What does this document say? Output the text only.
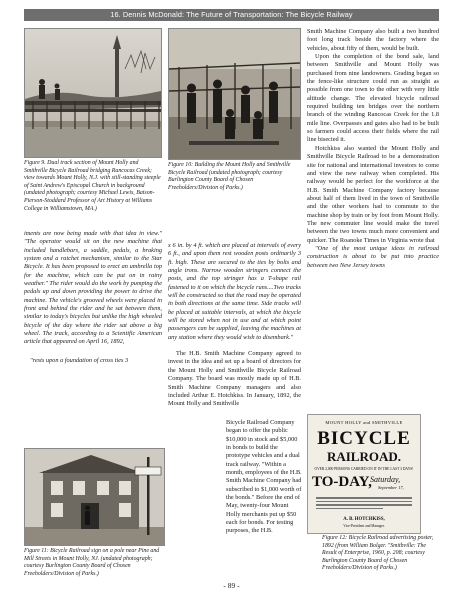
16. Dennis McDonald: The Future of Transportation: The Bicycle Railway
Figure 9. Dual track section of Mount Holly and Smithville Bicycle Railroad bridging Rancocas Creek; view towards Mount Holly, N.J. with still-standing steeple of Saint Andrew's Episcopal Church in background (undated photograph; courtesy Michael Lewis, Baison-Pierson-Stoddard Professor of Art History at Williams College in Williamstown, MA.)
Figure 10: Building the Mount Holly and Smithville Bicycle Railroad (undated photograph; courtesy Burlington County Board of Chosen Freeholders/Division of Parks.)

iments are now being made with that idea in view." "The operator would sit on the new machine that included handlebars, a saddle, pedals, a braking system and a ratchet mechanism, similar to the Star Bicycle. It has been proposed to erect an umbrella top for the machine, which can be put on in rainy weather." The rider would do the work by pumping the pedals up and down providing the power to drive the machine. The vehicle's grooved wheels were placed in front and behind the rider and he sat between them, similar to today's bicycles but unlike the high wheeled bicycle of the day where the rider sat above a big wheel. The track, according to a Scientific American article that appeared on April 16, 1892,

"rests upon a foundation of cross ties 3

Figure 11: Bicycle Railroad sign on a pole near Pine and Mill Streets in Mount Holly, NJ. (undated photograph; courtesy Burlington County Board of Chosen Freeholders/Division of Parks.)

x 6 in. by 4 ft. which are placed at intervals of every 6 ft., and upon them rest wooden posts ordinarily 3 ft. high. These are secured to the ties by bolts and angle irons. Narrow wooden stringers connect the posts, and the top stringer has a T-shape rail fastened to it on which the bicycle runs....Two tracks will be constructed so that the road may be operated in both directions at the same time. Side tracks will be placed at suitable intervals, at which the bicycle will be stored when not in use and at which point passengers can be supplied, leaving the machines at any station where they would wish to disembark."

The H.B. Smith Machine Company agreed to invest in the idea and set up a board of directors for the Mount Holly and Smithville Bicycle Railroad Company. The board was mostly made up of H.B. Smith Machine Company managers and also included Arthur E. Hotchkiss. In January, 1892, the Mount Holly and Smithville

Bicycle Railroad Company began to offer the public $10,000 in stock and $5,000 in bonds to build the prototype vehicles and a dual track railway. "Within a month, employees of the H.B. Smith Machine Company had subscribed to $1,000 worth of the bonds." Before the end of May, twenty-four Mount Holly merchants put up $50 each for bonds. For testing purposes, the H.B.

Smith Machine Company also built a two hundred foot long track beside the factory where the vehicles, about fifty of them, would be built.

Upon the completion of the bond sale, land between Smithville and Mount Holly was purchased from nine landowners. Grading began so the fence-like structure could run as straight as possible from one town to the other with very little altitude change. The elevated bicycle railroad required building ten bridges over the northern branch of the winding Rancocas Creek for the 1.8 mile line. Overpasses and gates also had to be built so farmers could access their fields where the rail line bisected it.

Hotchkiss also wanted the Mount Holly and Smithville Bicycle Railroad to be a demonstration site for national and international investors to come and view the new railway when completed. His railway would be perfect for the workforce at the H.B. Smith Machine Company factory because about half of them lived in the town of Smithville and the other workers had to commute to the machine shop by train or by foot from Mount Holly. The new commuter line would make the travel between the two towns much more convenient and quicker. The Roanoke Times in Virginia wrote that

"One of the most unique ideas in railroad construction is about to be put into practice between two New Jersey towns

MOUNT HOLLY and SMITHVILLE
BICYCLE
RAILROAD.
OVER 2,000 PERSONS CARRIED ON IT IN THE LAST 3 DAYS!
TO-DAY,
Saturday,
September 17,
A. B. HOTCHKISS,
Vice-President and Manager.
Figure 12: Bicycle Railroad advertising poster, 1892 (from William Bolger. "Smithville: The Result of Enterprise, 1960, p. 208; courtesy Burlington County Board of Chosen Freeholders/Division of Parks.)
- 89 -
